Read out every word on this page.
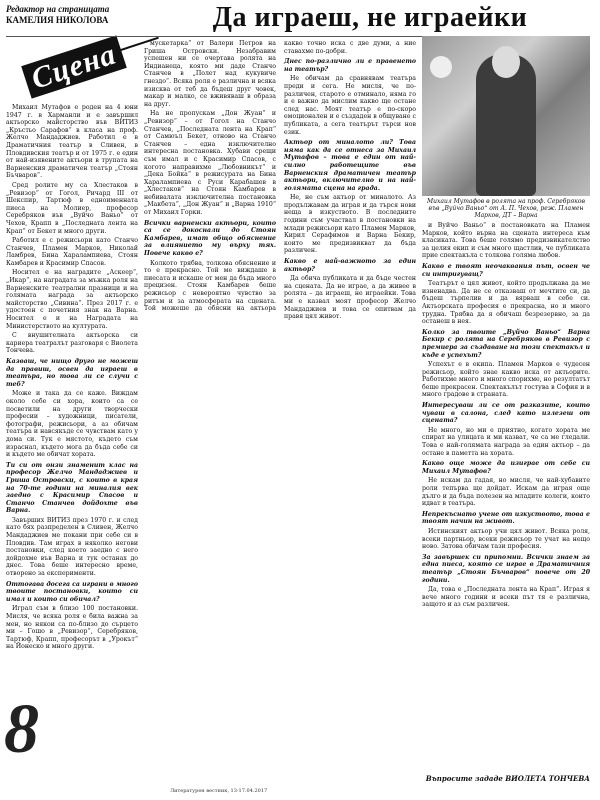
Редактор на страницата
КАМЕЛИЯ НИКОЛОВА
Сцена
Да играеш, не играейки

Михаил Мутафов е роден на 4 юни 1947 г. в Харманли и е завършил актьорско майсторство във ВИТИЗ „Кръстьо Сарафов“ в класа на проф. Желчо Мандаджиев. Работил е в Драматичния театър в Сливен, в Пловдивския театър и от 1975 г. е един от най-изявените актьори в трупата на Варненския драматичен театър „Стоян Бъчваров“.

Сред ролите му са Хлестаков в „Ревизор“ от Гогол, Ричард III от Шекспир, Тартюф в едноименната пиеса на Молиер, професор Серебряков във „Вуйчо Ваньо“ от Чехов, Крапп в „Последната лента на Крап“ от Бекет и много други.

Работил е с режисьори като Станчо Станчев, Пламен Марков, Николай Ламбрев, Бина Харалампиева, Стоян Камбарев и Красимир Спасов.

Носител е на наградите „Аскеер“, „Икар“, на наградата за мъжка роля на Варненските театрални празници и на голямата награда за актьорско майсторство „Сивина“. През 2017 г. е удостоен с почетния знак на Варна. Носител е и на Наградата на Министерството на културата.

С внушителната актьорска си кариера театралът разговаря с Виолета Тончева.

Казваш, че нищо друго не можеш да правиш, освен да играеш в театъра, но това ли се случи с теб?

Може и така да се каже. Виждам около себе си хора, които са се посветили на други творчески професии – художници, писатели, фотографи, режисьори, а аз обичам театъра и навсякъде се чувствам като у дома си. Тук е мястото, където съм израснал, където мога да бъда себе си и където ме обичат хората.

Ти си от онзи знаменит клас на професор Желчо Мандаджиев и Гриша Островски, с които в края на 70-те години на миналия век заедно с Красимир Спасов и Станчо Станчев дойдохте във Варна.

Завърших ВИТИЗ през 1970 г. и след като бях разпределен в Сливен, Желчо Мандаджиев ме покани при себе си в Пловдив. Там играх в няколко негови постановки, след което заедно с него дойдохме във Варна и тук останах до днес. Това беше интересно време, отворено за експерименти.

Оттогава досега са играни в много твоите постановки, които си имал и които си обичал?

Играл съм в близо 100 постановки. Мисля, че всяка роля е била важна за мен, но някои са по-близо до сърцето ми – Гошо в „Ревизор“, Серебряков, Тартюф, Крапп, професорът в „Урокът“ на Йонеско и много други.

мускетарка“ от Валери Петров на Гриша Островски. Незабравим успешен ни се очертава ролята на Индианеца, която ми даде Станчо Станчев в „Полет над кукувиче гнездо“. Всяка роля е различна и всяка изисква от теб да бъдеш друг човек, макар и малко, се вживяваш в образа на друг.

На не пропускам „Дон Жуан“ и „Ревизор“ – от Гогол на Станчо Станчев, „Последната лента на Крап“ от Самюъл Бекет, отново на Станчо Станчев – една изключително интересна постановка. Хубави срещи съм имал и с Красимир Спасов, с когото направихме „Любовникът“ и „Дека Бойка“ в режисурата на Бина Харалампиева с Руси Карабашев в „Хлестаков“ на Стоян Камбарев в небивалата изключителна постановка „Макбета“, „Дон Жуан“ и „Варна 1910“ от Михаил Горки.

Всички варненски актьори, които са се докоснали до Стоян Камбарев, имат общо обяснение за влиянието му върху тях. Повече какво е?

Колкото трябва, толкова обяснение и то е прекрасно. Той ме виждаше в пиесата и искаше от мен да бъда много прецизен. Стоян Камбарев беше режисьор с невероятно чувство за ритъм и за атмосферата на сцената. Той можеше да обясни на актьора какво точно иска с две думи, а ние ставахме по-добри.

Днес по-различно ли е правенето на театър?

Не обичам да сравнявам театъра преди и сега. Не мисля, че по-различен, старото е отминало, няма го и е важно да мислим какво ще остане след нас. Моят театър е по-скоро емоционален и е създаден в общуване с публиката, а сега театърът търси нов език.

Актьор от миналото ли? Това няма как да се отнеса за Михаил Мутафов – това е един от най-силно работещите във Варненския драматичен театър актьори, включително и на най-голямата сцена на града.

Не, не съм актьор от миналото. Аз продължавам да играя и да търся нови неща в изкуството. В последните години съм участвал в постановки на млади режисьори като Пламен Марков, Кирил Серафимов и Варна Бекир, които ме предизвикват да бъда различен.

Какво е най-важното за един актьор?

Да обича публиката и да бъде честен на сцената. Да не играе, а да живее в ролята – да играеш, не играейки. Това ми е казвал моят професор Желчо Мандаджиев и това се опитвам да правя цял живот.

Михаил Мутафов в ролята на проф. Серебряков във „Вуйчо Ваньо“ от А. П. Чехов, реж. Пламен Марков, ДТ – Варна

и Вуйчо Ваньо“ в постановката на Пламен Марков, който върна на сцената интереса към класиката. Това беше голямо предизвикателство за целия екип и съм много щастлив, че публиката прие спектакъла с толкова голяма любов.

Какво е твоят неочаквания път, освен че си интригуващ?

Театърът е цял живот, който продължава да ме изненадва. Да не се отказваш от мечтите си, да бъдеш търпелив и да вярваш в себе си. Актьорската професия е прекрасна, но и много трудна. Трябва да я обичаш безрезервно, за да останеш в нея.

Колко за твоите „Вуйчо Ваньо“ Варна Бекир с ролята на Серебряков в Ревизор с премиера за създаване на този спектакъл и къде е успехът?

Успехът е в екипа. Пламен Марков е чудесен режисьор, който знае какво иска от актьорите. Работихме много и много спорихме, но резултатът беше прекрасен. Спектакълът гостува в София и в много градове в страната.

Интересуваш ли се от разказите, които чуваш в салона, след като излезеш от сцената?

Не много, но ми е приятно, когато хората ме спират на улицата и ми казват, че са ме гледали. Това е най-голямата награда за един актьор – да остане в паметта на хората.

Какво още може да изиграе от себе си Михаил Мутафов?

Не искам да гадая, но мисля, че най-хубавите роли тепърва ще дойдат. Искам да играя още дълго и да бъда полезен на младите колеги, които идват в театъра.

Непрекъснато учене от изкуството, това е твоят начин на живот.

Истинският актьор учи цял живот. Всяка роля, всеки партньор, всеки режисьор те учат на нещо ново. Затова обичам тази професия.

За завършек си припомни. Всички знаем за една пиеса, която се играе в Драматичния театър „Стоян Бъчваров“ повече от 20 години.

Да, това е „Последната лента на Крап“. Играя я вече много години и всеки път тя е различна, защото и аз съм различен.

8
Въпросите зададе ВИОЛЕТА ТОНЧЕВА
Литературен вестник, 13-17.04.2017
